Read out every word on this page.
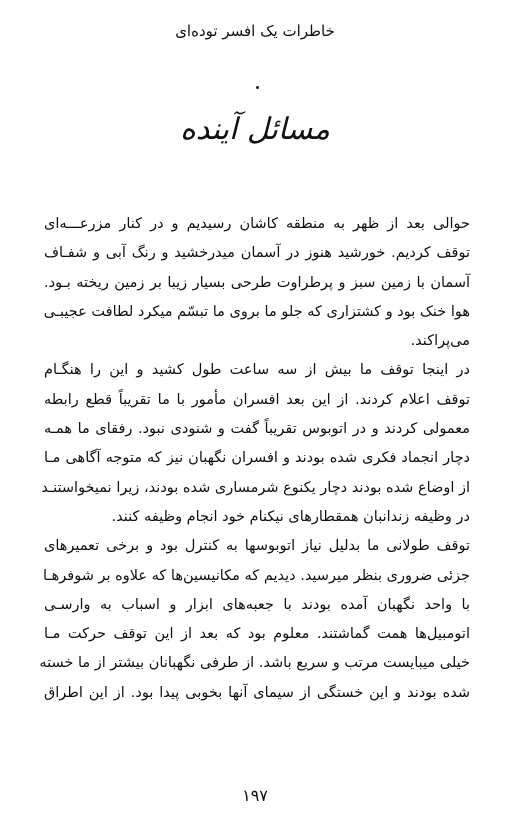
خاطرات یک افسر توده‌ای
مسائل آینده
حوالی بعد از ظهر به منطقه کاشان رسیدیم و در کنار مزرعـــه‌ای
توقف کردیم. خورشید هنوز در آسمان میدرخشید و رنگ آبی و شفـاف
آسمان با زمین سبز و پرطراوت طرحی بسیار زیبا بر زمین ریخته بـود.
هوا خنک بود و کشتزاری که جلو ما بروی ما تبسّم میکرد لطافت عجیبـی
می‌پراکند.
در اینجا توقف ما بیش از سه ساعت طول کشید و این را هنگـام
توقف اعلام کردند. از این بعد افسران مأمور با ما تقریباً قطع رابطه
معمولی کردند و در اتوبوس تقریباً گفت و شنودی نبود. رفقای ما همـه
دچار انجماد فکری شده بودند و افسران نگهبان نیز که متوجه آگاهی مـا
از اوضاع شده بودند دچار یکنوع شرمساری شده بودند، زیرا نمیخواستنـد
در وظیفه زندانبان همقطارهای نیکنام خود انجام وظیفه کنند.
توقف طولانی ما بدلیل نیاز اتوبوسها به کنترل بود و برخی تعمیرهای
جزئی ضروری بنظر میرسید. دیدیم که مکانیسین‌ها که علاوه بر شوفرهـا
با واحد نگهبان آمده بودند با جعبه‌های ابزار و اسباب به وارسـی
اتومبیل‌ها همت گماشتند. معلوم بود که بعد از این توقف حرکت مـا
خیلی میبایست مرتب و سریع باشد. از طرفی نگهبانان بیشتر از ما خسته
شده بودند و این خستگی از سیمای آنها بخوبی پیدا بود. از این اطراق
۱۹۷
